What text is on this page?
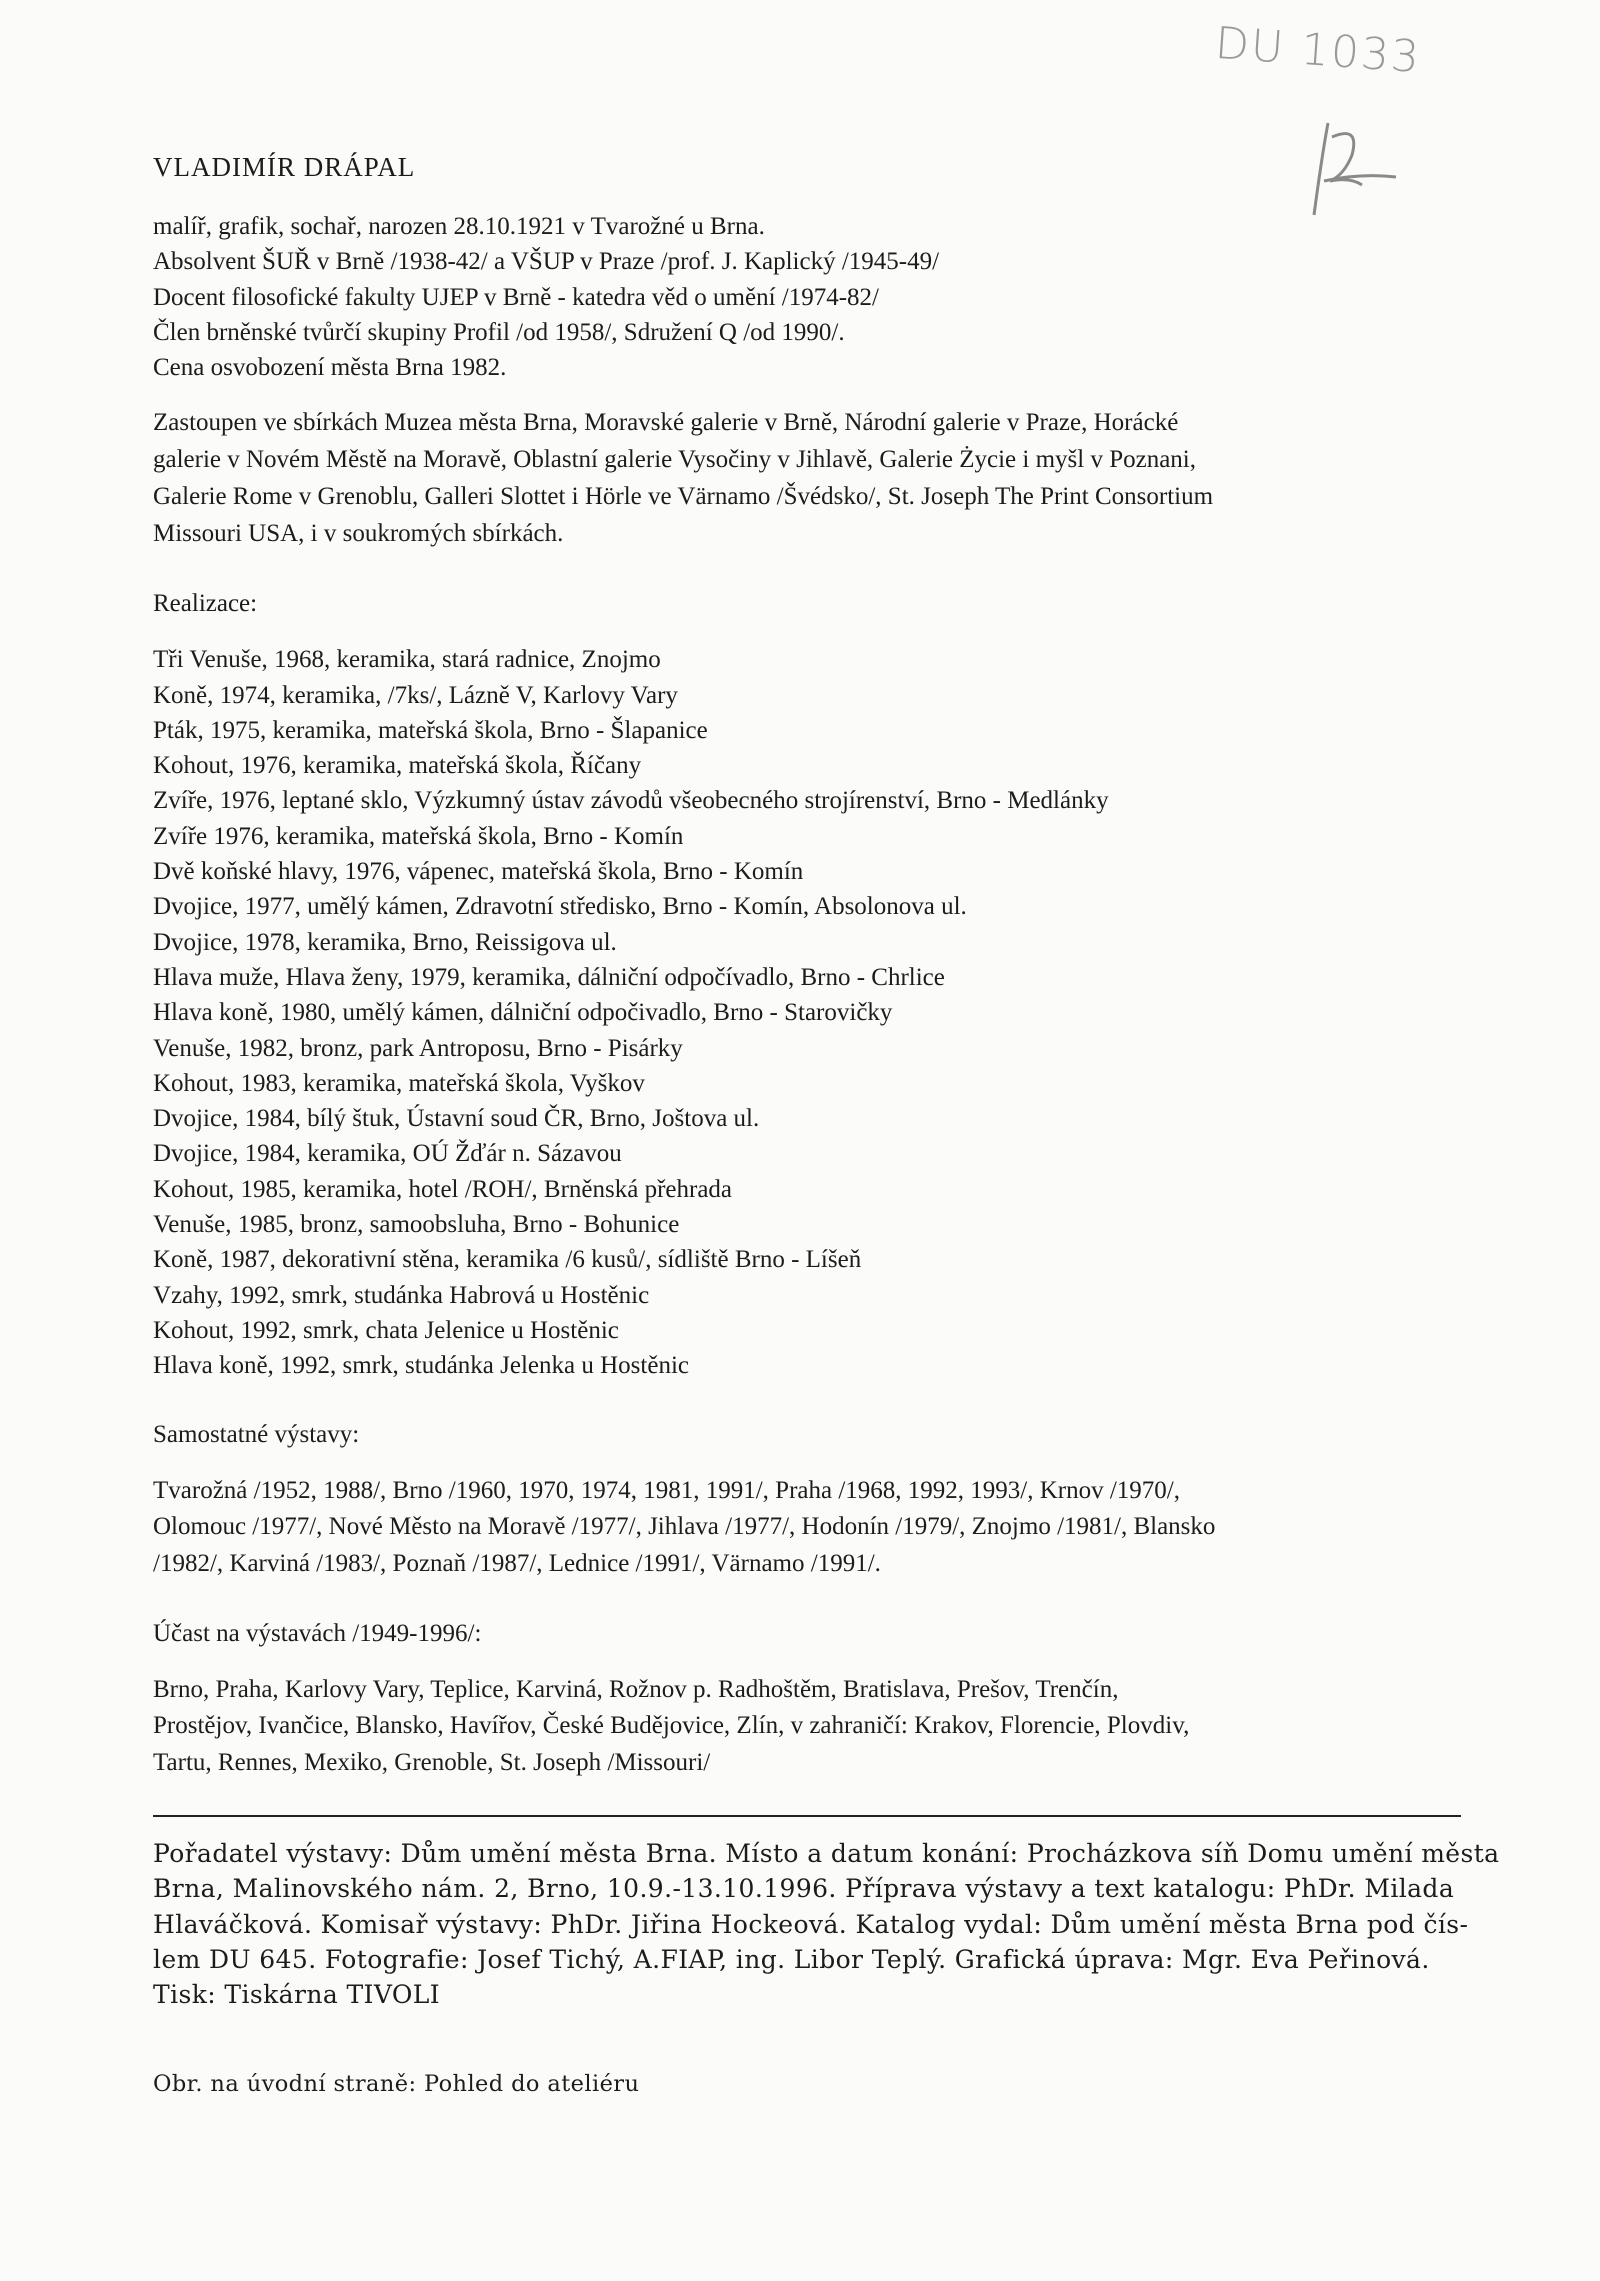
DU 1033
VLADIMÍR DRÁPAL
malíř, grafik, sochař, narozen 28.10.1921 v Tvarožné u Brna.
Absolvent ŠUŘ v Brně /1938-42/ a VŠUP v Praze /prof. J. Kaplický /1945-49/
Docent filosofické fakulty UJEP v Brně - katedra věd o umění /1974-82/
Člen brněnské tvůrčí skupiny Profil /od 1958/, Sdružení Q /od 1990/.
Cena osvobození města Brna 1982.
Zastoupen ve sbírkách Muzea města Brna, Moravské galerie v Brně, Národní galerie v Praze, Horácké
galerie v Novém Městě na Moravě, Oblastní galerie Vysočiny v Jihlavě, Galerie Życie i myšl v Poznani,
Galerie Rome v Grenoblu, Galleri Slottet i Hörle ve Värnamo /Švédsko/, St. Joseph The Print Consortium
Missouri USA, i v soukromých sbírkách.
Realizace:
Tři Venuše, 1968, keramika, stará radnice, Znojmo
Koně, 1974, keramika, /7ks/, Lázně V, Karlovy Vary
Pták, 1975, keramika, mateřská škola, Brno - Šlapanice
Kohout, 1976, keramika, mateřská škola, Říčany
Zvíře, 1976, leptané sklo, Výzkumný ústav závodů všeobecného strojírenství, Brno - Medlánky
Zvíře 1976, keramika, mateřská škola, Brno - Komín
Dvě koňské hlavy, 1976, vápenec, mateřská škola, Brno - Komín
Dvojice, 1977, umělý kámen, Zdravotní středisko, Brno - Komín, Absolonova ul.
Dvojice, 1978, keramika, Brno, Reissigova ul.
Hlava muže, Hlava ženy, 1979, keramika, dálniční odpočívadlo, Brno - Chrlice
Hlava koně, 1980, umělý kámen, dálniční odpočivadlo, Brno - Starovičky
Venuše, 1982, bronz, park Antroposu, Brno - Pisárky
Kohout, 1983, keramika, mateřská škola, Vyškov
Dvojice, 1984, bílý štuk, Ústavní soud ČR, Brno, Joštova ul.
Dvojice, 1984, keramika, OÚ Žďár n. Sázavou
Kohout, 1985, keramika, hotel /ROH/, Brněnská přehrada
Venuše, 1985, bronz, samoobsluha, Brno - Bohunice
Koně, 1987, dekorativní stěna, keramika /6 kusů/, sídliště Brno - Líšeň
Vzahy, 1992, smrk, studánka Habrová u Hostěnic
Kohout, 1992, smrk, chata Jelenice u Hostěnic
Hlava koně, 1992, smrk, studánka Jelenka u Hostěnic
Samostatné výstavy:
Tvarožná /1952, 1988/, Brno /1960, 1970, 1974, 1981, 1991/, Praha /1968, 1992, 1993/, Krnov /1970/,
Olomouc /1977/, Nové Město na Moravě /1977/, Jihlava /1977/, Hodonín /1979/, Znojmo /1981/, Blansko
/1982/, Karviná /1983/, Poznaň /1987/, Lednice /1991/, Värnamo /1991/.
Účast na výstavách /1949-1996/:
Brno, Praha, Karlovy Vary, Teplice, Karviná, Rožnov p. Radhoštěm, Bratislava, Prešov, Trenčín,
Prostějov, Ivančice, Blansko, Havířov, České Budějovice, Zlín, v zahraničí: Krakov, Florencie, Plovdiv,
Tartu, Rennes, Mexiko, Grenoble, St. Joseph /Missouri/
Pořadatel výstavy: Dům umění města Brna. Místo a datum konání: Procházkova síň Domu umění města
Brna, Malinovského nám. 2, Brno, 10.9.-13.10.1996. Příprava výstavy a text katalogu: PhDr. Milada
Hlaváčková. Komisař výstavy: PhDr. Jiřina Hockeová. Katalog vydal: Dům umění města Brna pod čís-
lem DU 645. Fotografie: Josef Tichý, A.FIAP, ing. Libor Teplý. Grafická úprava: Mgr. Eva Peřinová.
Tisk: Tiskárna TIVOLI
Obr. na úvodní straně: Pohled do ateliéru
